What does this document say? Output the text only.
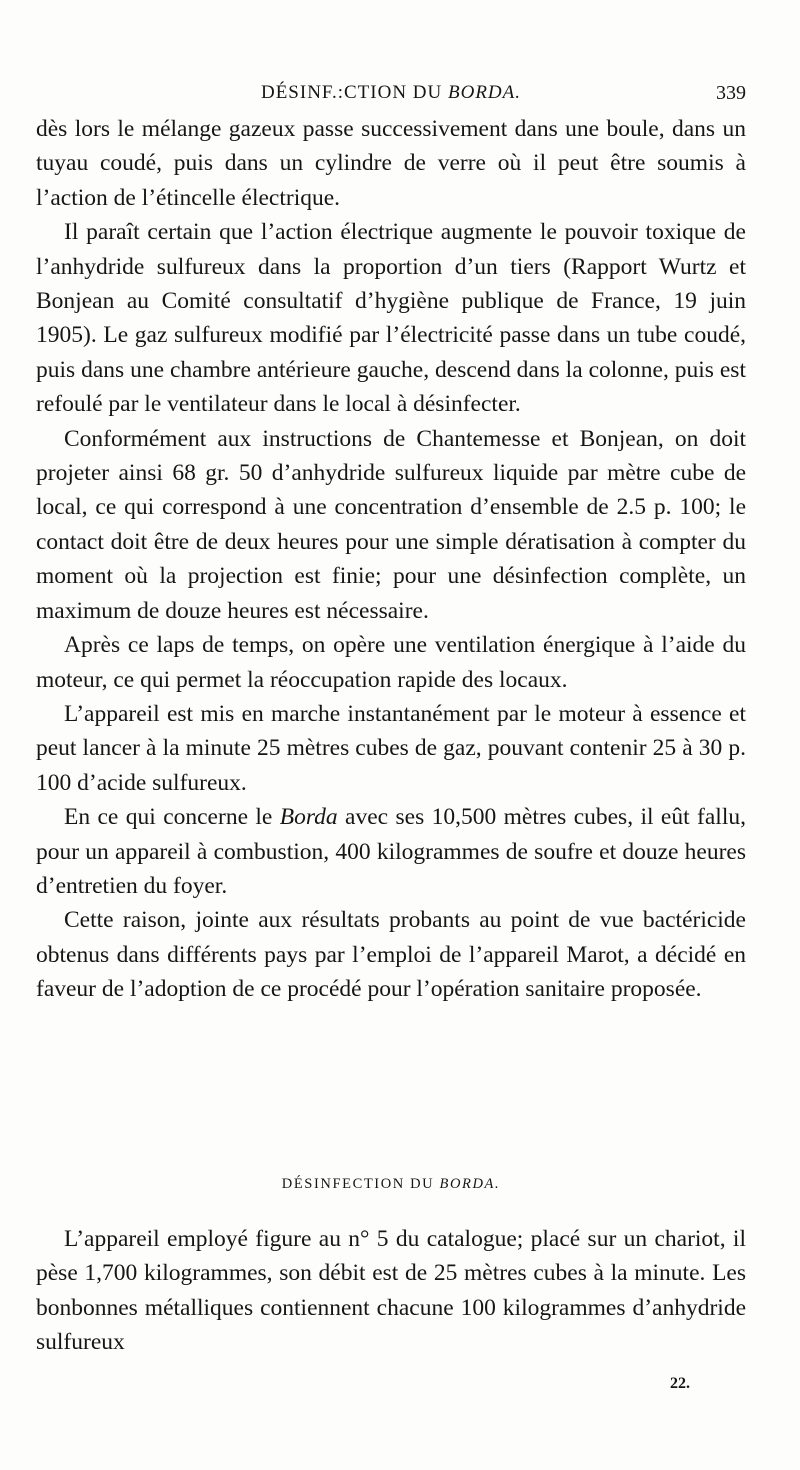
DÉSINF.:CTION DU BORDA.	339

dès lors le mélange gazeux passe successivement dans une boule, dans un tuyau coudé, puis dans un cylindre de verre où il peut être soumis à l’action de l’étincelle électrique.

Il paraît certain que l’action électrique augmente le pouvoir toxique de l’anhydride sulfureux dans la proportion d’un tiers (Rapport Wurtz et Bonjean au Comité consultatif d’hygiène publique de France, 19 juin 1905). Le gaz sulfureux modifié par l’électricité passe dans un tube coudé, puis dans une chambre antérieure gauche, descend dans la colonne, puis est refoulé par le ventilateur dans le local à désinfecter.

Conformément aux instructions de Chantemesse et Bonjean, on doit projeter ainsi 68 gr. 50 d’anhydride sulfureux liquide par mètre cube de local, ce qui correspond à une concentration d’ensemble de 2.5 p. 100; le contact doit être de deux heures pour une simple dératisation à compter du moment où la projection est finie; pour une désinfection complète, un maximum de douze heures est nécessaire.

Après ce laps de temps, on opère une ventilation énergique à l’aide du moteur, ce qui permet la réoccupation rapide des locaux.

L’appareil est mis en marche instantanément par le moteur à essence et peut lancer à la minute 25 mètres cubes de gaz, pouvant contenir 25 à 30 p. 100 d’acide sulfureux.

En ce qui concerne le Borda avec ses 10,500 mètres cubes, il eût fallu, pour un appareil à combustion, 400 kilogrammes de soufre et douze heures d’entretien du foyer.

Cette raison, jointe aux résultats probants au point de vue bactéricide obtenus dans différents pays par l’emploi de l’appareil Marot, a décidé en faveur de l’adoption de ce procédé pour l’opération sanitaire proposée.

DÉSINFECTION DU BORDA.

L’appareil employé figure au n° 5 du catalogue; placé sur un chariot, il pèse 1,700 kilogrammes, son débit est de 25 mètres cubes à la minute. Les bonbonnes métalliques contiennent chacune 100 kilogrammes d’anhydride sulfureux

22.
